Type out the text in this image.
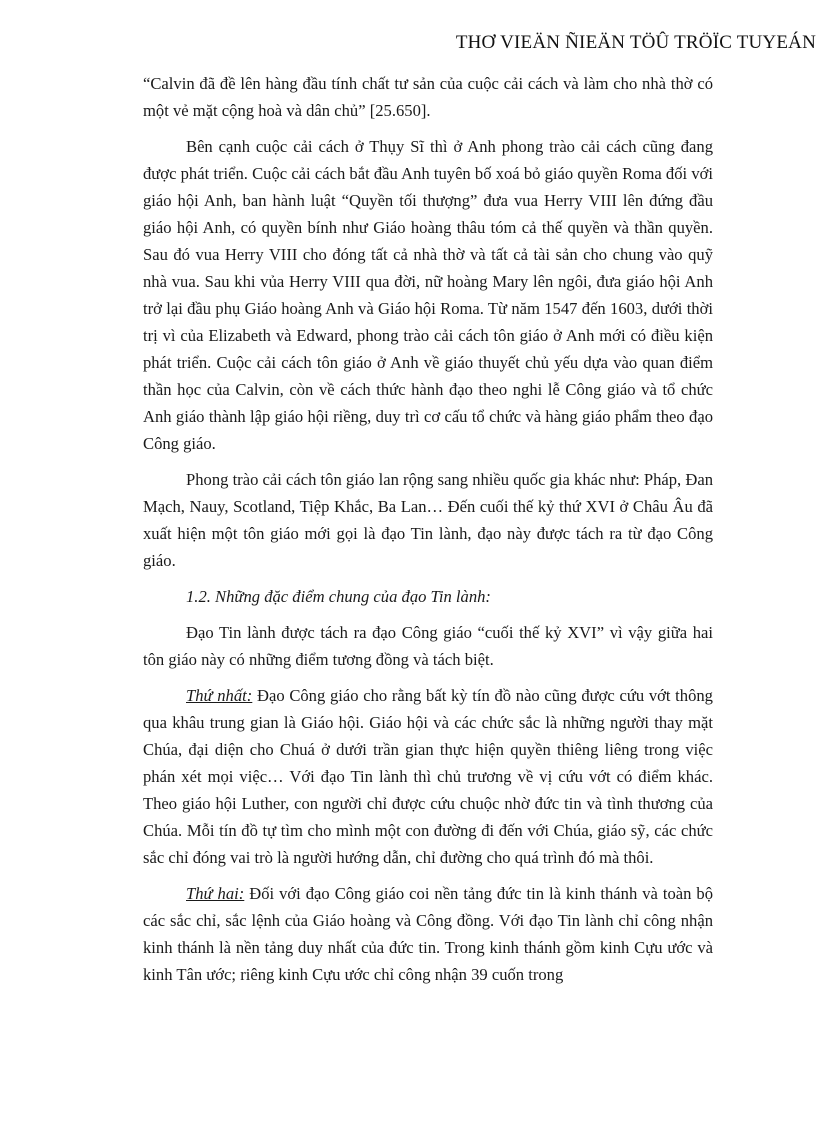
THƠ VIEÄN ÑIEÄN TÖÛ TRÖÏC TUYEÁN

“Calvin đã đề lên hàng đầu tính chất tư sản của cuộc cải cách và làm cho nhà thờ có một vẻ mặt cộng hoà và dân chủ” [25.650].

Bên cạnh cuộc cải cách ở Thụy Sĩ thì ở Anh phong trào cải cách cũng đang được phát triển. Cuộc cải cách bắt đầu Anh tuyên bố xoá bỏ giáo quyền Roma đối với giáo hội Anh, ban hành luật “Quyền tối thượng” đưa vua Herry VIII lên đứng đầu giáo hội Anh, có quyền bính như Giáo hoàng thâu tóm cả thế quyền và thần quyền. Sau đó vua Herry VIII cho đóng tất cả nhà thờ và tất cả tài sản cho chung vào quỹ nhà vua. Sau khi vủa Herry VIII qua đời, nữ hoàng Mary lên ngôi, đưa giáo hội Anh trở lại đầu phụ Giáo hoàng Anh và Giáo hội Roma. Từ năm 1547 đến 1603, dưới thời trị vì của Elizabeth và Edward, phong trào cải cách tôn giáo ở Anh mới có điều kiện phát triển. Cuộc cải cách tôn giáo ở Anh về giáo thuyết chủ yếu dựa vào quan điểm thần học của Calvin, còn về cách thức hành đạo theo nghi lễ Công giáo và tổ chức Anh giáo thành lập giáo hội riềng, duy trì cơ cấu tổ chức và hàng giáo phẩm theo đạo Công giáo.

Phong trào cải cách tôn giáo lan rộng sang nhiều quốc gia khác như: Pháp, Đan Mạch, Nauy, Scotland, Tiệp Khắc, Ba Lan… Đến cuối thế kỷ thứ XVI ở Châu Âu đã xuất hiện một tôn giáo mới gọi là đạo Tin lành, đạo này được tách ra từ đạo Công giáo.

1.2. Những đặc điểm chung của đạo Tin lành:

Đạo Tin lành được tách ra đạo Công giáo “cuối thế kỷ XVI” vì vậy giữa hai tôn giáo này có những điểm tương đồng và tách biệt.

Thứ nhất: Đạo Công giáo cho rằng bất kỳ tín đồ nào cũng được cứu vớt thông qua khâu trung gian là Giáo hội. Giáo hội và các chức sắc là những người thay mặt Chúa, đại diện cho Chuá ở dưới trần gian thực hiện quyền thiêng liêng trong việc phán xét mọi việc… Với đạo Tin lành thì chủ trương về vị cứu vớt có điểm khác. Theo giáo hội Luther, con người chỉ được cứu chuộc nhờ đức tin và tình thương của Chúa. Mỗi tín đồ tự tìm cho mình một con đường đi đến với Chúa, giáo sỹ, các chức sắc chỉ đóng vai trò là người hướng dẫn, chỉ đường cho quá trình đó mà thôi.

Thứ hai: Đối với đạo Công giáo coi nền tảng đức tin là kinh thánh và toàn bộ các sắc chỉ, sắc lệnh của Giáo hoàng và Công đồng. Với đạo Tin lành chỉ công nhận kinh thánh là nền tảng duy nhất của đức tin. Trong kinh thánh gồm kinh Cựu ước và kinh Tân ước; riêng kinh Cựu ước chỉ công nhận 39 cuốn trong
